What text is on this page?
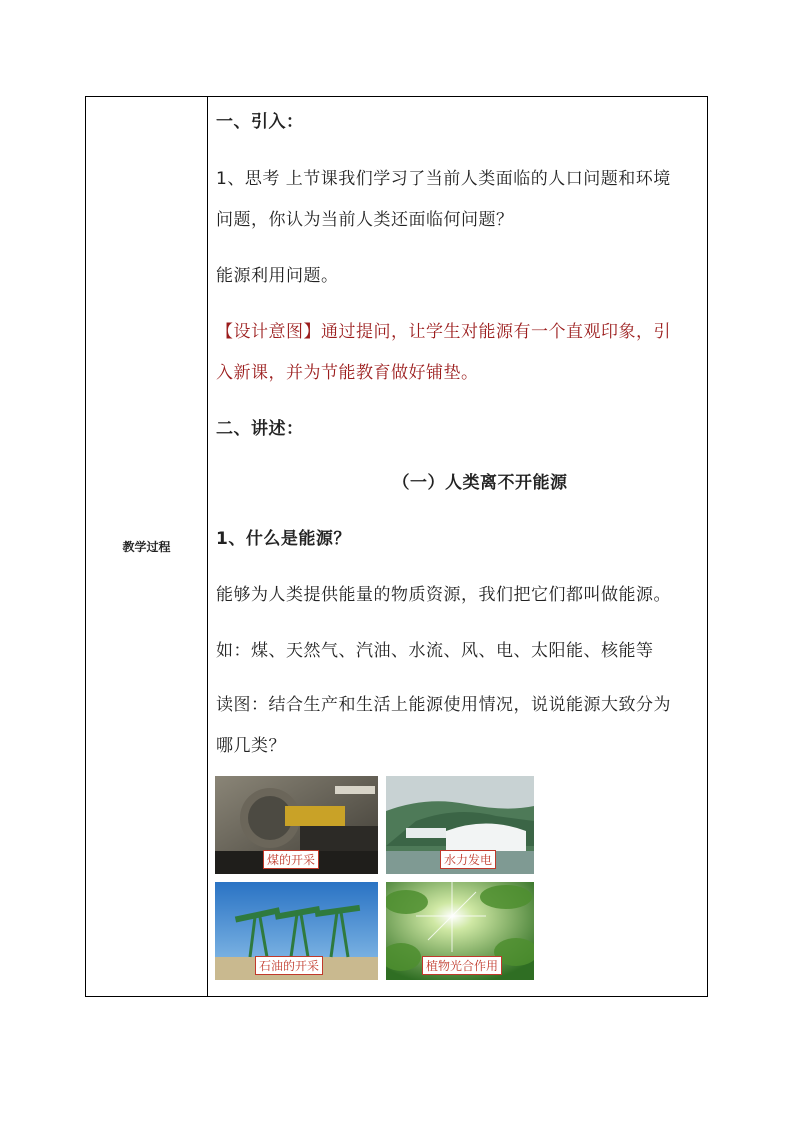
教学过程
一、引入：
1、思考 上节课我们学习了当前人类面临的人口问题和环境
问题，你认为当前人类还面临何问题？
能源利用问题。
【设计意图】通过提问，让学生对能源有一个直观印象，引
入新课，并为节能教育做好铺垫。
二、讲述：
（一）人类离不开能源
1、什么是能源？
能够为人类提供能量的物质资源，我们把它们都叫做能源。
如：煤、天然气、汽油、水流、风、电、太阳能、核能等
读图：结合生产和生活上能源使用情况，说说能源大致分为
哪几类？
煤的开采	水力发电
石油的开采	植物光合作用
